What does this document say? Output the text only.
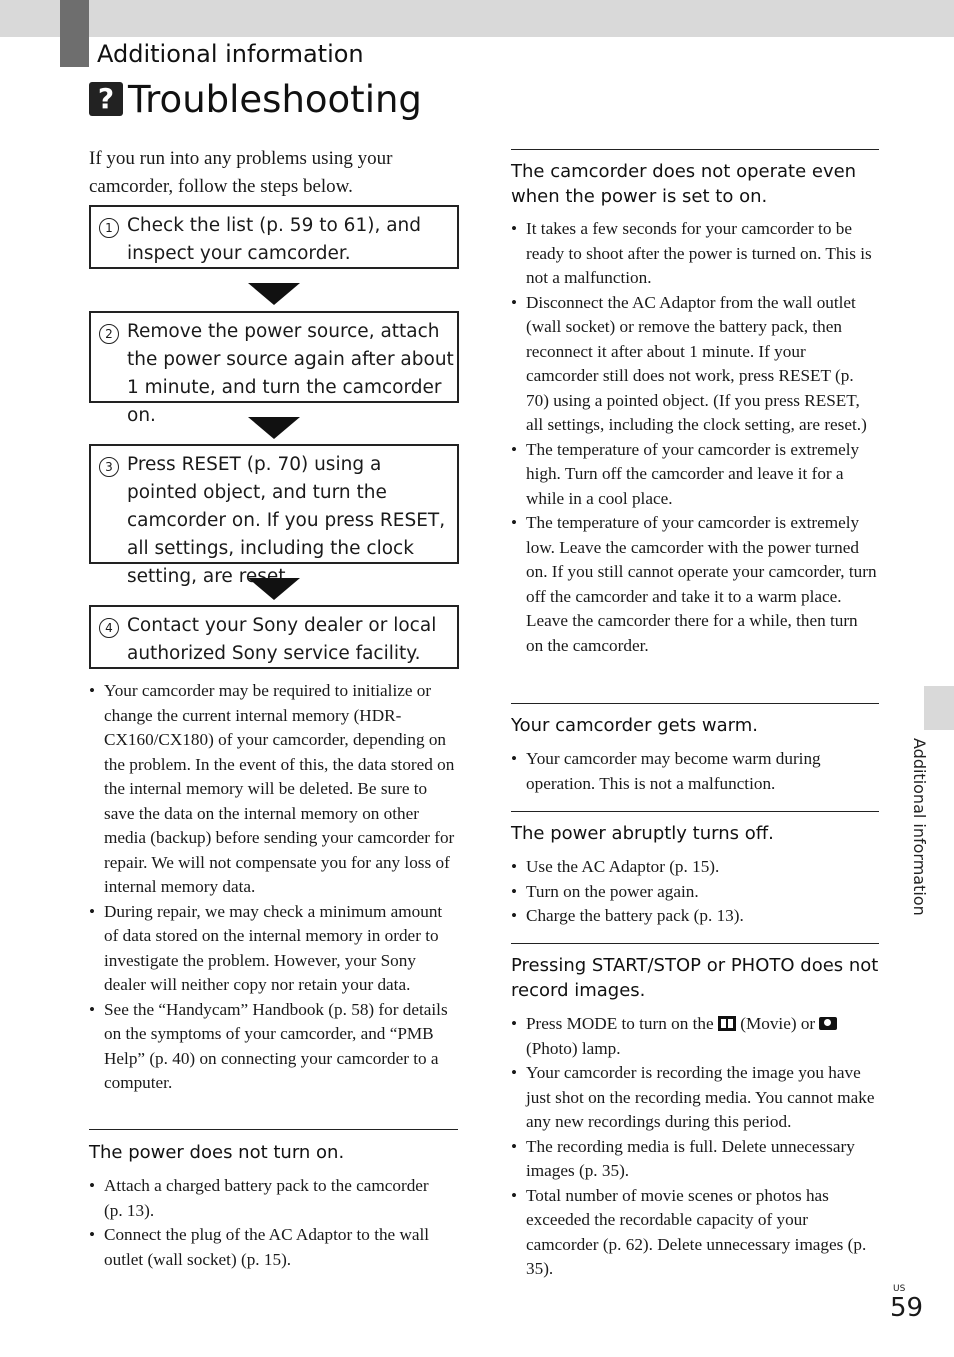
Additional information
? Troubleshooting
If you run into any problems using your camcorder, follow the steps below.
1 Check the list (p. 59 to 61), and inspect your camcorder.
2 Remove the power source, attach the power source again after about 1 minute, and turn the camcorder on.
3 Press RESET (p. 70) using a pointed object, and turn the camcorder on. If you press RESET, all settings, including the clock setting, are reset.
4 Contact your Sony dealer or local authorized Sony service facility.
• Your camcorder may be required to initialize or change the current internal memory (HDR-CX160/CX180) of your camcorder, depending on the problem. In the event of this, the data stored on the internal memory will be deleted. Be sure to save the data on the internal memory on other media (backup) before sending your camcorder for repair. We will not compensate you for any loss of internal memory data.
• During repair, we may check a minimum amount of data stored on the internal memory in order to investigate the problem. However, your Sony dealer will neither copy nor retain your data.
• See the “Handycam” Handbook (p. 58) for details on the symptoms of your camcorder, and “PMB Help” (p. 40) on connecting your camcorder to a computer.
The power does not turn on.
• Attach a charged battery pack to the camcorder (p. 13).
• Connect the plug of the AC Adaptor to the wall outlet (wall socket) (p. 15).
The camcorder does not operate even when the power is set to on.
• It takes a few seconds for your camcorder to be ready to shoot after the power is turned on. This is not a malfunction.
• Disconnect the AC Adaptor from the wall outlet (wall socket) or remove the battery pack, then reconnect it after about 1 minute. If your camcorder still does not work, press RESET (p. 70) using a pointed object. (If you press RESET, all settings, including the clock setting, are reset.)
• The temperature of your camcorder is extremely high. Turn off the camcorder and leave it for a while in a cool place.
• The temperature of your camcorder is extremely low. Leave the camcorder with the power turned on. If you still cannot operate your camcorder, turn off the camcorder and take it to a warm place. Leave the camcorder there for a while, then turn on the camcorder.
Your camcorder gets warm.
• Your camcorder may become warm during operation. This is not a malfunction.
The power abruptly turns off.
• Use the AC Adaptor (p. 15).
• Turn on the power again.
• Charge the battery pack (p. 13).
Pressing START/STOP or PHOTO does not record images.
• Press MODE to turn on the (Movie) or  (Photo) lamp.
• Your camcorder is recording the image you have just shot on the recording media. You cannot make any new recordings during this period.
• The recording media is full. Delete unnecessary images (p. 35).
• Total number of movie scenes or photos has exceeded the recordable capacity of your camcorder (p. 62). Delete unnecessary images (p. 35).
Additional information
US
59
